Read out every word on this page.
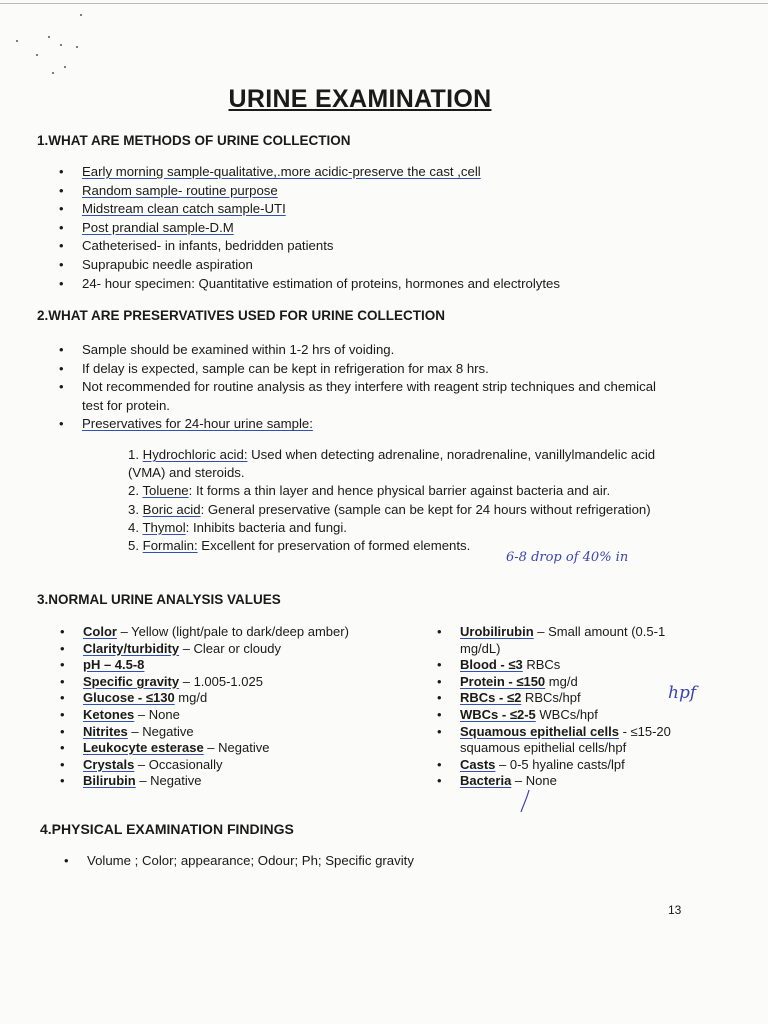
URINE EXAMINATION
1.WHAT ARE METHODS OF URINE COLLECTION
• Early morning sample-qualitative,.more acidic-preserve the cast ,cell
• Random sample- routine purpose
• Midstream clean catch sample-UTI
• Post prandial sample-D.M
• Catheterised- in infants, bedridden patients
• Suprapubic needle aspiration
• 24- hour specimen: Quantitative estimation of proteins, hormones and electrolytes
2.WHAT ARE PRESERVATIVES USED FOR URINE COLLECTION
• Sample should be examined within 1-2 hrs of voiding.
• If delay is expected, sample can be kept in refrigeration for max 8 hrs.
• Not recommended for routine analysis as they interfere with reagent strip techniques and chemical test for protein.
• Preservatives for 24-hour urine sample:
1. Hydrochloric acid: Used when detecting adrenaline, noradrenaline, vanillylmandelic acid (VMA) and steroids.
2. Toluene: It forms a thin layer and hence physical barrier against bacteria and air.
3. Boric acid: General preservative (sample can be kept for 24 hours without refrigeration)
4. Thymol: Inhibits bacteria and fungi.
5. Formalin: Excellent for preservation of formed elements.
6-8 drop of 40% in
3.NORMAL URINE ANALYSIS VALUES
• Color – Yellow (light/pale to dark/deep amber)
• Clarity/turbidity – Clear or cloudy
• pH – 4.5-8
• Specific gravity – 1.005-1.025
• Glucose - ≤130 mg/d
• Ketones – None
• Nitrites – Negative
• Leukocyte esterase – Negative
• Crystals – Occasionally
• Bilirubin – Negative
• Urobilirubin – Small amount (0.5-1 mg/dL)
• Blood - ≤3 RBCs
• Protein - ≤150 mg/d
• RBCs - ≤2 RBCs/hpf
• WBCs - ≤2-5 WBCs/hpf
• Squamous epithelial cells - ≤15-20 squamous epithelial cells/hpf
• Casts – 0-5 hyaline casts/lpf
• Bacteria – None
hpf
4.PHYSICAL EXAMINATION FINDINGS
• Volume ; Color; appearance; Odour; Ph; Specific gravity
13
